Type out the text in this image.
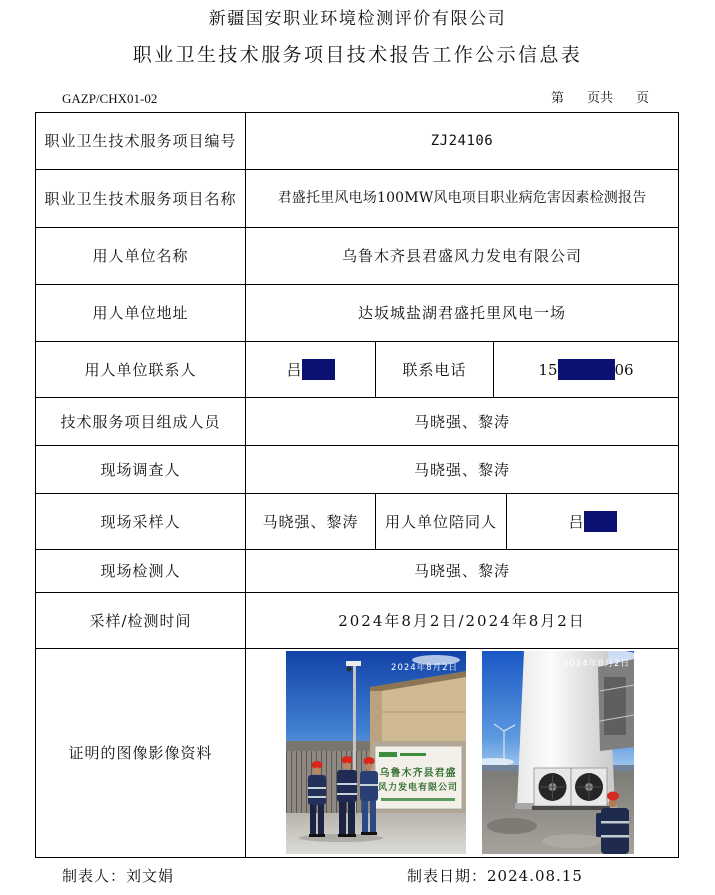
新疆国安职业环境检测评价有限公司
职业卫生技术服务项目技术报告工作公示信息表
GAZP/CHX01-02	第 页共 页
职业卫生技术服务项目编号	ZJ24106
职业卫生技术服务项目名称	君盛托里风电场100MW风电项目职业病危害因素检测报告
用人单位名称	乌鲁木齐县君盛风力发电有限公司
用人单位地址	达坂城盐湖君盛托里风电一场
用人单位联系人	吕	联系电话	15	06
技术服务项目组成人员	马晓强、黎涛
现场调查人	马晓强、黎涛
现场采样人	马晓强、黎涛	用人单位陪同人	吕
现场检测人	马晓强、黎涛
采样/检测时间	2024年8月2日/2024年8月2日
证明的图像影像资料
乌鲁木齐县君盛
风力发电有限公司
2024年8月2日	2024年8月2日
制表人：刘文娟	制表日期：2024.08.15
